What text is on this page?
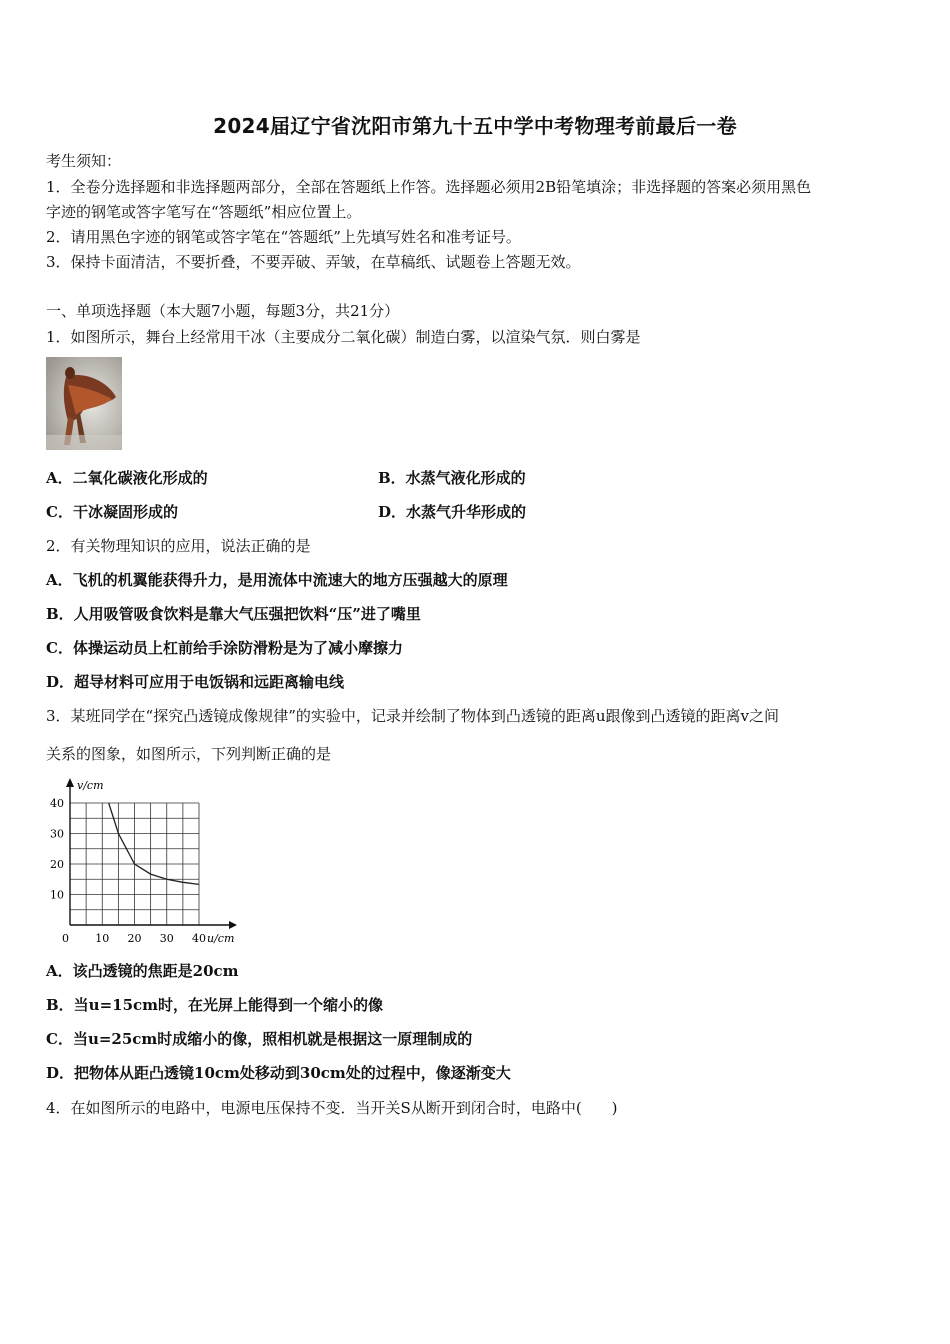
2024届辽宁省沈阳市第九十五中学中考物理考前最后一卷
考生须知：
1．全卷分选择题和非选择题两部分，全部在答题纸上作答。选择题必须用2B铅笔填涂；非选择题的答案必须用黑色
字迹的钢笔或答字笔写在“答题纸”相应位置上。
2．请用黑色字迹的钢笔或答字笔在“答题纸”上先填写姓名和准考证号。
3．保持卡面清洁，不要折叠，不要弄破、弄皱，在草稿纸、试题卷上答题无效。
一、单项选择题（本大题7小题，每题3分，共21分）
1．如图所示，舞台上经常用干冰（主要成分二氧化碳）制造白雾，以渲染气氛．则白雾是
A．二氧化碳液化形成的	B．水蒸气液化形成的
C．干冰凝固形成的	D．水蒸气升华形成的
2．有关物理知识的应用，说法正确的是
A．飞机的机翼能获得升力，是用流体中流速大的地方压强越大的原理
B．人用吸管吸食饮料是靠大气压强把饮料“压”进了嘴里
C．体操运动员上杠前给手涂防滑粉是为了减小摩擦力
D．超导材料可应用于电饭锅和远距离输电线
3．某班同学在“探究凸透镜成像规律”的实验中，记录并绘制了物体到凸透镜的距离u跟像到凸透镜的距离v之间
关系的图象，如图所示，下列判断正确的是
0 10 20 30 40
10
20
30
40
v/cm
u/cm
A．该凸透镜的焦距是20cm
B．当u=15cm时，在光屏上能得到一个缩小的像
C．当u=25cm时成缩小的像，照相机就是根据这一原理制成的
D．把物体从距凸透镜10cm处移动到30cm处的过程中，像逐渐变大
4．在如图所示的电路中，电源电压保持不变．当开关S从断开到闭合时，电路中(　　)
